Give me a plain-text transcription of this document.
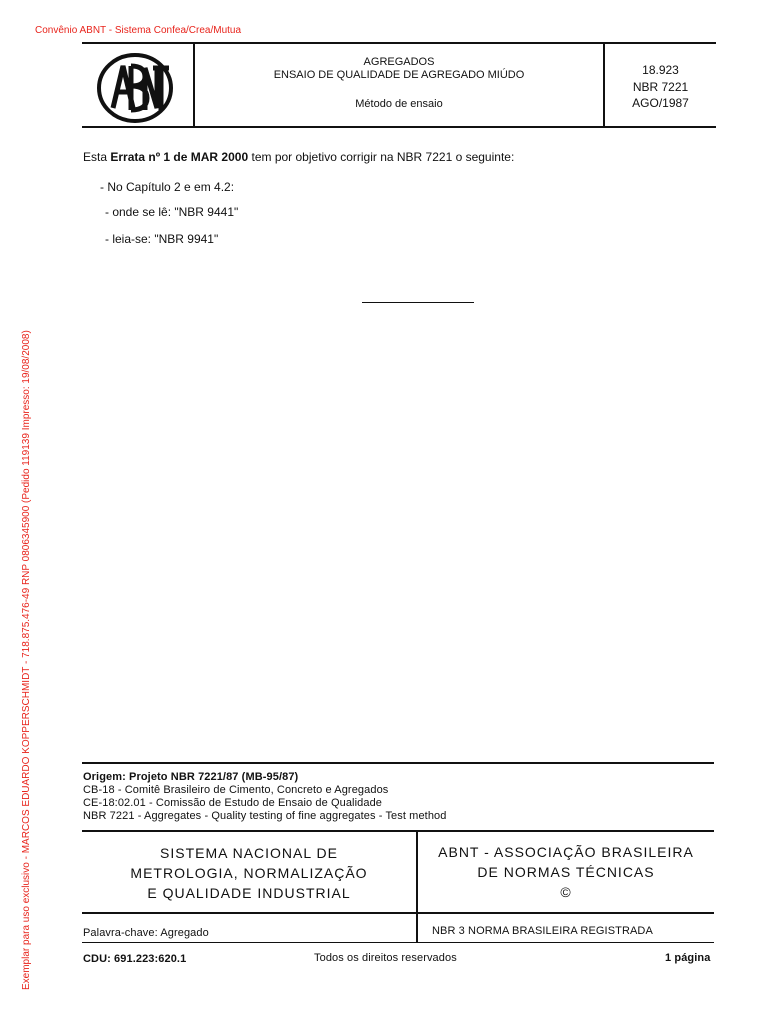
Convênio ABNT - Sistema Confea/Crea/Mutua
Exemplar para uso exclusivo - MARCOS EDUARDO KOPPERSCHMIDT - 718.875.476-49 RNP 0806345900 (Pedido 119139 Impresso: 19/08/2008)
AGREGADOS
ENSAIO DE QUALIDADE DE AGREGADO MIÚDO
Método de ensaio
18.923
NBR 7221
AGO/1987
Esta Errata nº 1 de MAR 2000 tem por objetivo corrigir na NBR 7221 o seguinte:
- No Capítulo 2 e em 4.2:
- onde se lê: "NBR 9441"
- leia-se: "NBR 9941"
Origem: Projeto NBR 7221/87 (MB-95/87)
CB-18 - Comitê Brasileiro de Cimento, Concreto e Agregados
CE-18:02.01 - Comissão de Estudo de Ensaio de Qualidade
NBR 7221 - Aggregates - Quality testing of fine aggregates - Test method
SISTEMA NACIONAL DE
METROLOGIA, NORMALIZAÇÃO
E QUALIDADE INDUSTRIAL
ABNT - ASSOCIAÇÃO BRASILEIRA
DE NORMAS TÉCNICAS
©
Palavra-chave: Agregado	NBR 3 NORMA BRASILEIRA REGISTRADA
CDU: 691.223:620.1	Todos os direitos reservados	1 página
